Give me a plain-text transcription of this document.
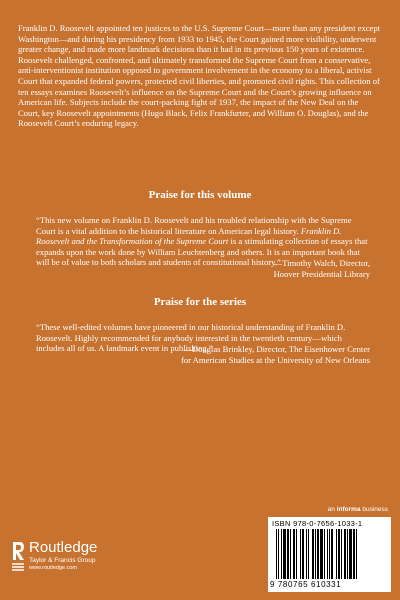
Franklin D. Roosevelt appointed ten justices to the U.S. Supreme Court—more than any president except Washington—and during his presidency from 1933 to 1945, the Court gained more visibility, underwent greater change, and made more landmark decisions than it had in its previous 150 years of existence. Roosevelt challenged, confronted, and ultimately transformed the Supreme Court from a conservative, anti-interventionist institution opposed to government involvement in the economy to a liberal, activist Court that expanded federal powers, protected civil liberties, and promoted civil rights. This collection of ten essays examines Roosevelt’s influence on the Supreme Court and the Court’s growing influence on American life. Subjects include the court-packing fight of 1937, the impact of the New Deal on the Court, key Roosevelt appointments (Hugo Black, Felix Frankfurter, and William O. Douglas), and the Roosevelt Court’s enduring legacy.

Praise for this volume

“This new volume on Franklin D. Roosevelt and his troubled relationship with the Supreme Court is a vital addition to the historical literature on American legal history. Franklin D. Roosevelt and the Transformation of the Supreme Court is a stimulating collection of essays that expands upon the work done by William Leuchtenberg and others. It is an important book that will be of value to both scholars and students of constitutional history.”

—Timothy Walch, Director,
Hoover Presidential Library

Praise for the series

“These well-edited volumes have pioneered in our historical understanding of Franklin D. Roosevelt. Highly recommended for anybody interested in the twentieth century—which includes all of us. A landmark event in publishing.”

—Douglas Brinkley, Director, The Eisenhower Center
for American Studies at the University of New Orleans

an informa business
ISBN 978-0-7656-1033-1
9 780765 610331
Routledge
Taylor & Francis Group
www.routledge.com
